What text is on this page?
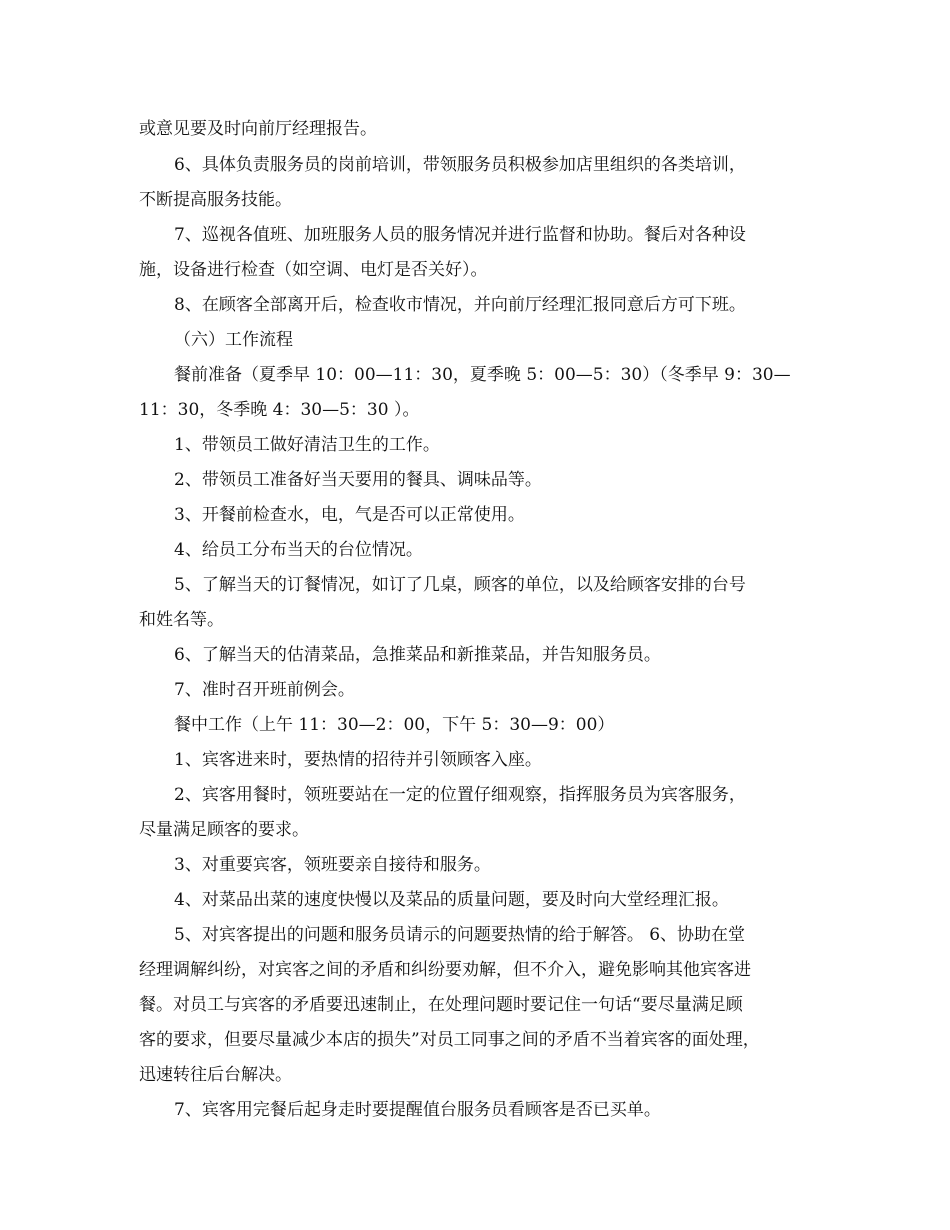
或意见要及时向前厅经理报告。
6、具体负责服务员的岗前培训，带领服务员积极参加店里组织的各类培训，
不断提高服务技能。
7、巡视各值班、加班服务人员的服务情况并进行监督和协助。餐后对各种设
施，设备进行检查（如空调、电灯是否关好）。
8、在顾客全部离开后，检查收市情况，并向前厅经理汇报同意后方可下班。
（六）工作流程
餐前准备（夏季早 10：00—11：30，夏季晚 5：00—5：30）（冬季早 9：30—
11：30，冬季晚 4：30—5：30 ）。
1、带领员工做好清洁卫生的工作。
2、带领员工准备好当天要用的餐具、调味品等。
3、开餐前检查水，电，气是否可以正常使用。
4、给员工分布当天的台位情况。
5、了解当天的订餐情况，如订了几桌，顾客的单位，以及给顾客安排的台号
和姓名等。
6、了解当天的估清菜品，急推菜品和新推菜品，并告知服务员。
7、准时召开班前例会。
餐中工作（上午 11：30—2：00，下午 5：30—9：00）
1、宾客进来时，要热情的招待并引领顾客入座。
2、宾客用餐时，领班要站在一定的位置仔细观察，指挥服务员为宾客服务，
尽量满足顾客的要求。
3、对重要宾客，领班要亲自接待和服务。
4、对菜品出菜的速度快慢以及菜品的质量问题，要及时向大堂经理汇报。
5、对宾客提出的问题和服务员请示的问题要热情的给于解答。 6、协助在堂
经理调解纠纷，对宾客之间的矛盾和纠纷要劝解，但不介入，避免影响其他宾客进
餐。对员工与宾客的矛盾要迅速制止，在处理问题时要记住一句话“要尽量满足顾
客的要求，但要尽量减少本店的损失”对员工同事之间的矛盾不当着宾客的面处理，
迅速转往后台解决。
7、宾客用完餐后起身走时要提醒值台服务员看顾客是否已买单。
